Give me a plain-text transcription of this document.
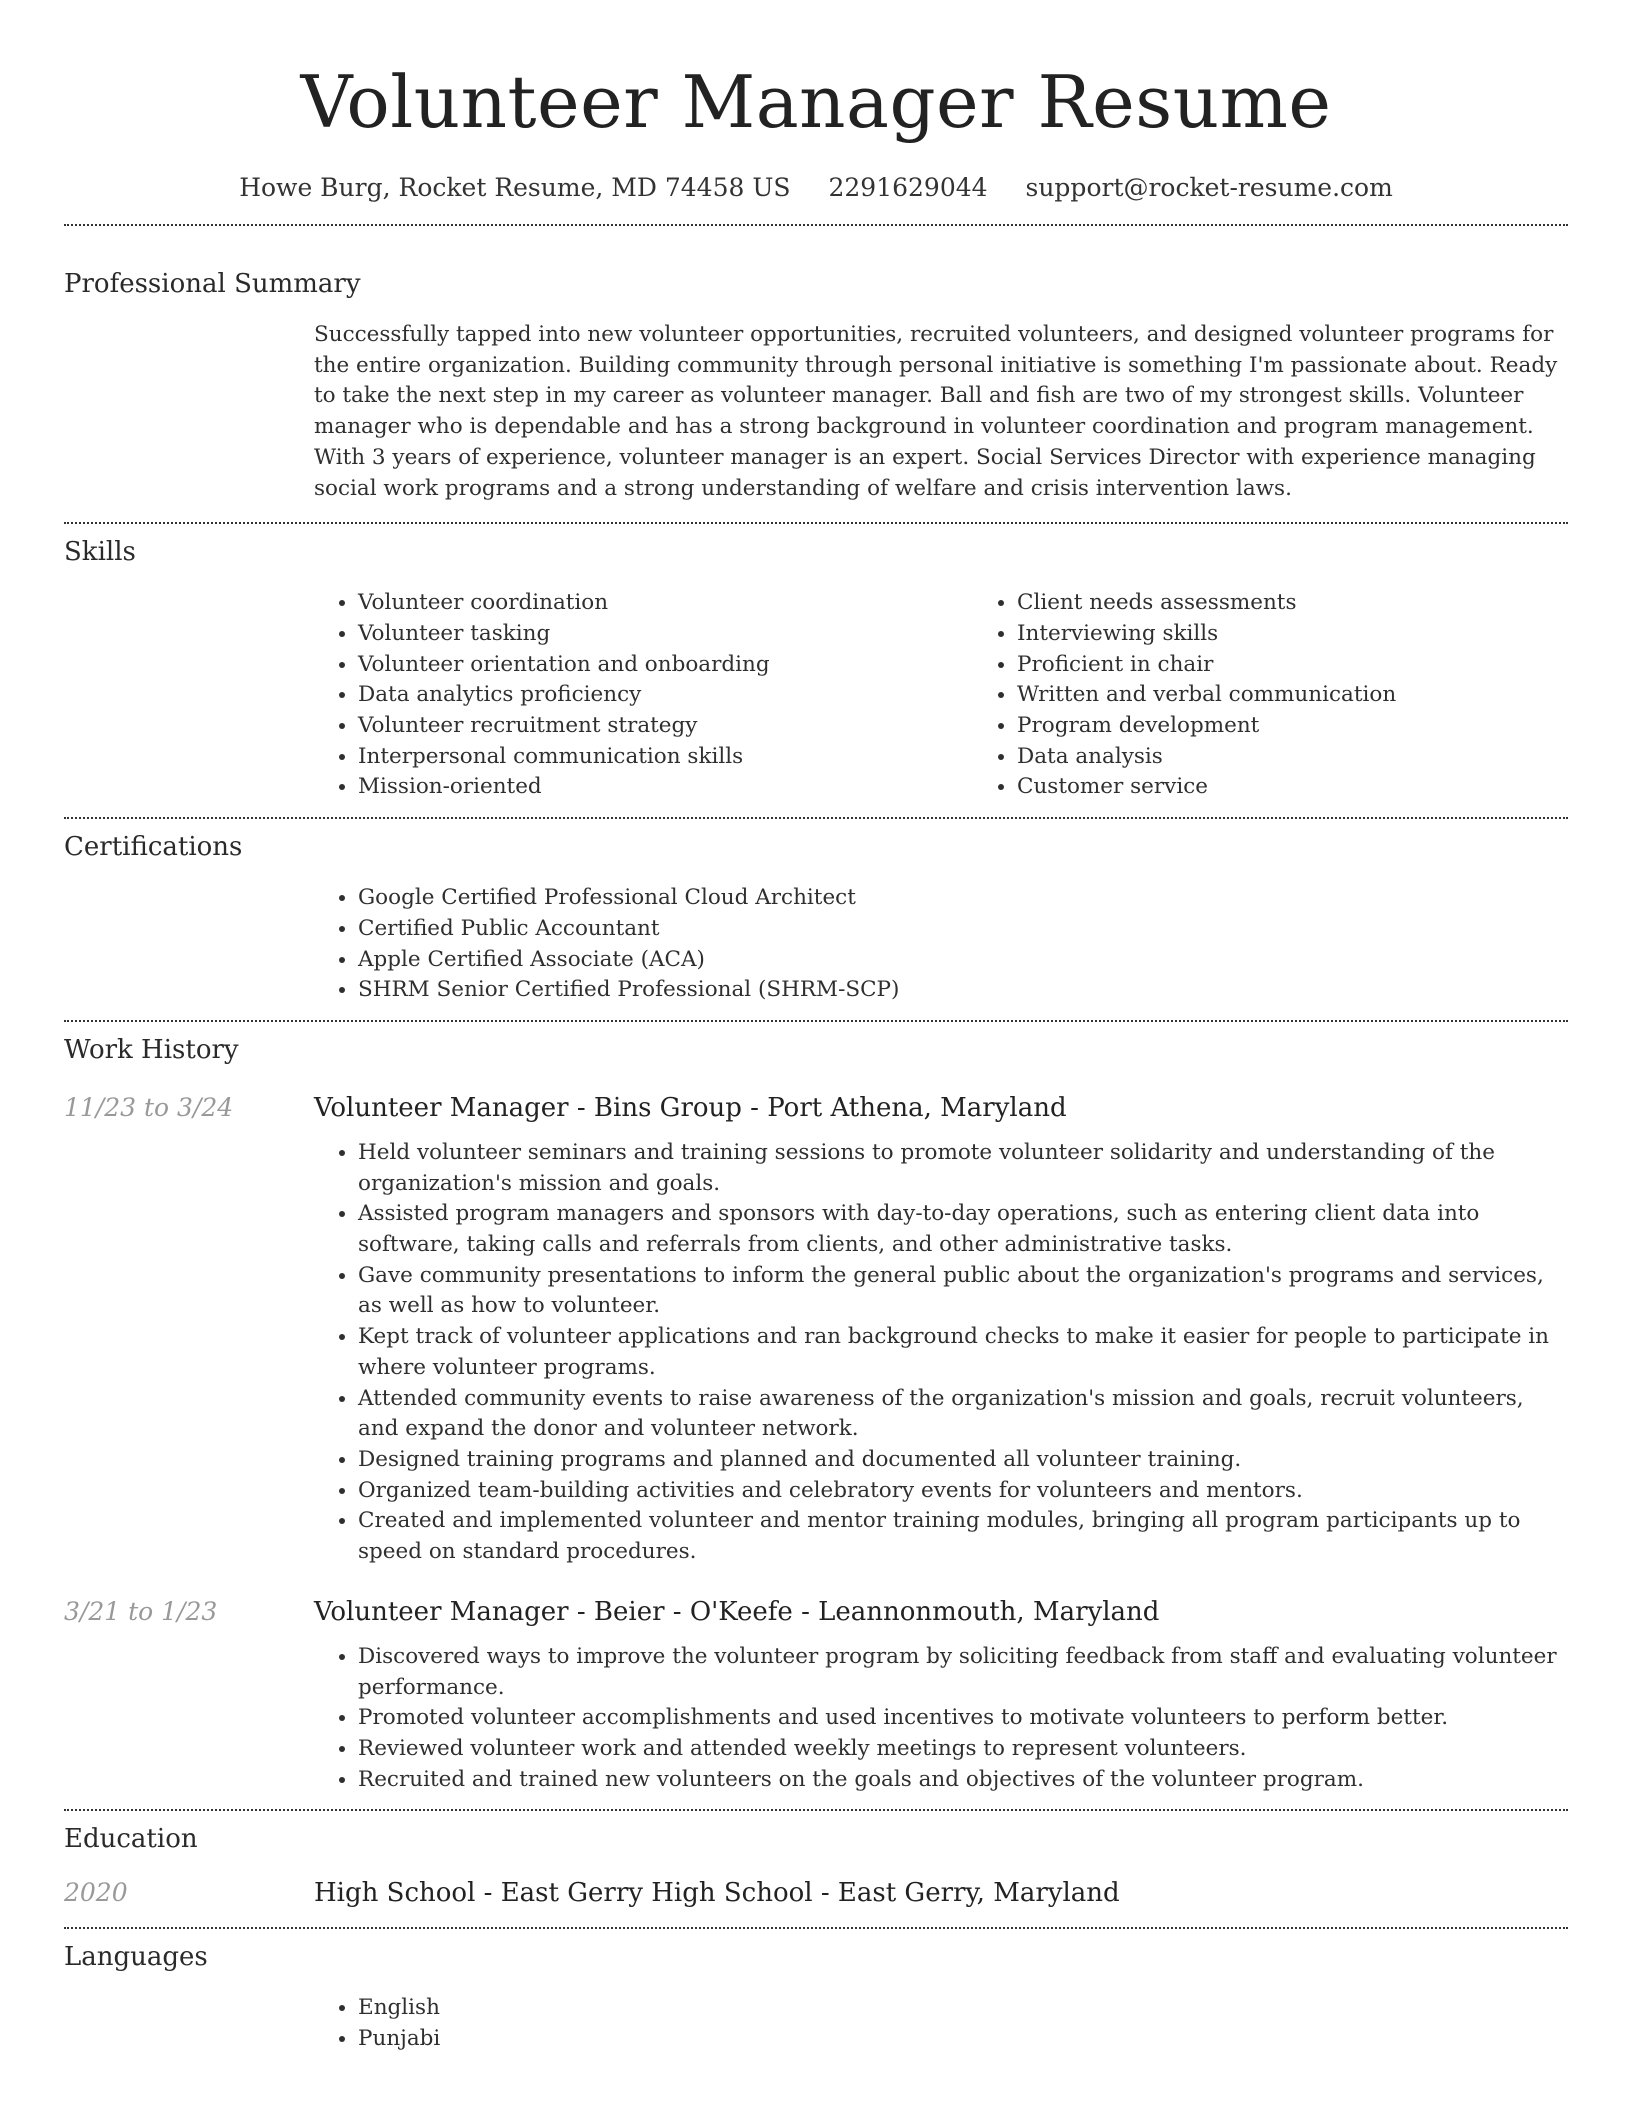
Volunteer Manager Resume
Howe Burg, Rocket Resume, MD 74458 US 2291629044 support@rocket-resume.com
Professional Summary

Successfully tapped into new volunteer opportunities, recruited volunteers, and designed volunteer programs for the entire organization. Building community through personal initiative is something I'm passionate about. Ready to take the next step in my career as volunteer manager. Ball and fish are two of my strongest skills. Volunteer manager who is dependable and has a strong background in volunteer coordination and program management. With 3 years of experience, volunteer manager is an expert. Social Services Director with experience managing social work programs and a strong understanding of welfare and crisis intervention laws.

Skills
• Volunteer coordination
• Volunteer tasking
• Volunteer orientation and onboarding
• Data analytics proficiency
• Volunteer recruitment strategy
• Interpersonal communication skills
• Mission-oriented
• Client needs assessments
• Interviewing skills
• Proficient in chair
• Written and verbal communication
• Program development
• Data analysis
• Customer service
Certifications
• Google Certified Professional Cloud Architect
• Certified Public Accountant
• Apple Certified Associate (ACA)
• SHRM Senior Certified Professional (SHRM-SCP)
Work History
11/23 to 3/24	Volunteer Manager - Bins Group - Port Athena, Maryland
• Held volunteer seminars and training sessions to promote volunteer solidarity and understanding of the organization's mission and goals.
• Assisted program managers and sponsors with day-to-day operations, such as entering client data into software, taking calls and referrals from clients, and other administrative tasks.
• Gave community presentations to inform the general public about the organization's programs and services, as well as how to volunteer.
• Kept track of volunteer applications and ran background checks to make it easier for people to participate in where volunteer programs.
• Attended community events to raise awareness of the organization's mission and goals, recruit volunteers, and expand the donor and volunteer network.
• Designed training programs and planned and documented all volunteer training.
• Organized team-building activities and celebratory events for volunteers and mentors.
• Created and implemented volunteer and mentor training modules, bringing all program participants up to speed on standard procedures.
3/21 to 1/23	Volunteer Manager - Beier - O'Keefe - Leannonmouth, Maryland
• Discovered ways to improve the volunteer program by soliciting feedback from staff and evaluating volunteer performance.
• Promoted volunteer accomplishments and used incentives to motivate volunteers to perform better.
• Reviewed volunteer work and attended weekly meetings to represent volunteers.
• Recruited and trained new volunteers on the goals and objectives of the volunteer program.
Education
2020	High School - East Gerry High School - East Gerry, Maryland
Languages
• English
• Punjabi
